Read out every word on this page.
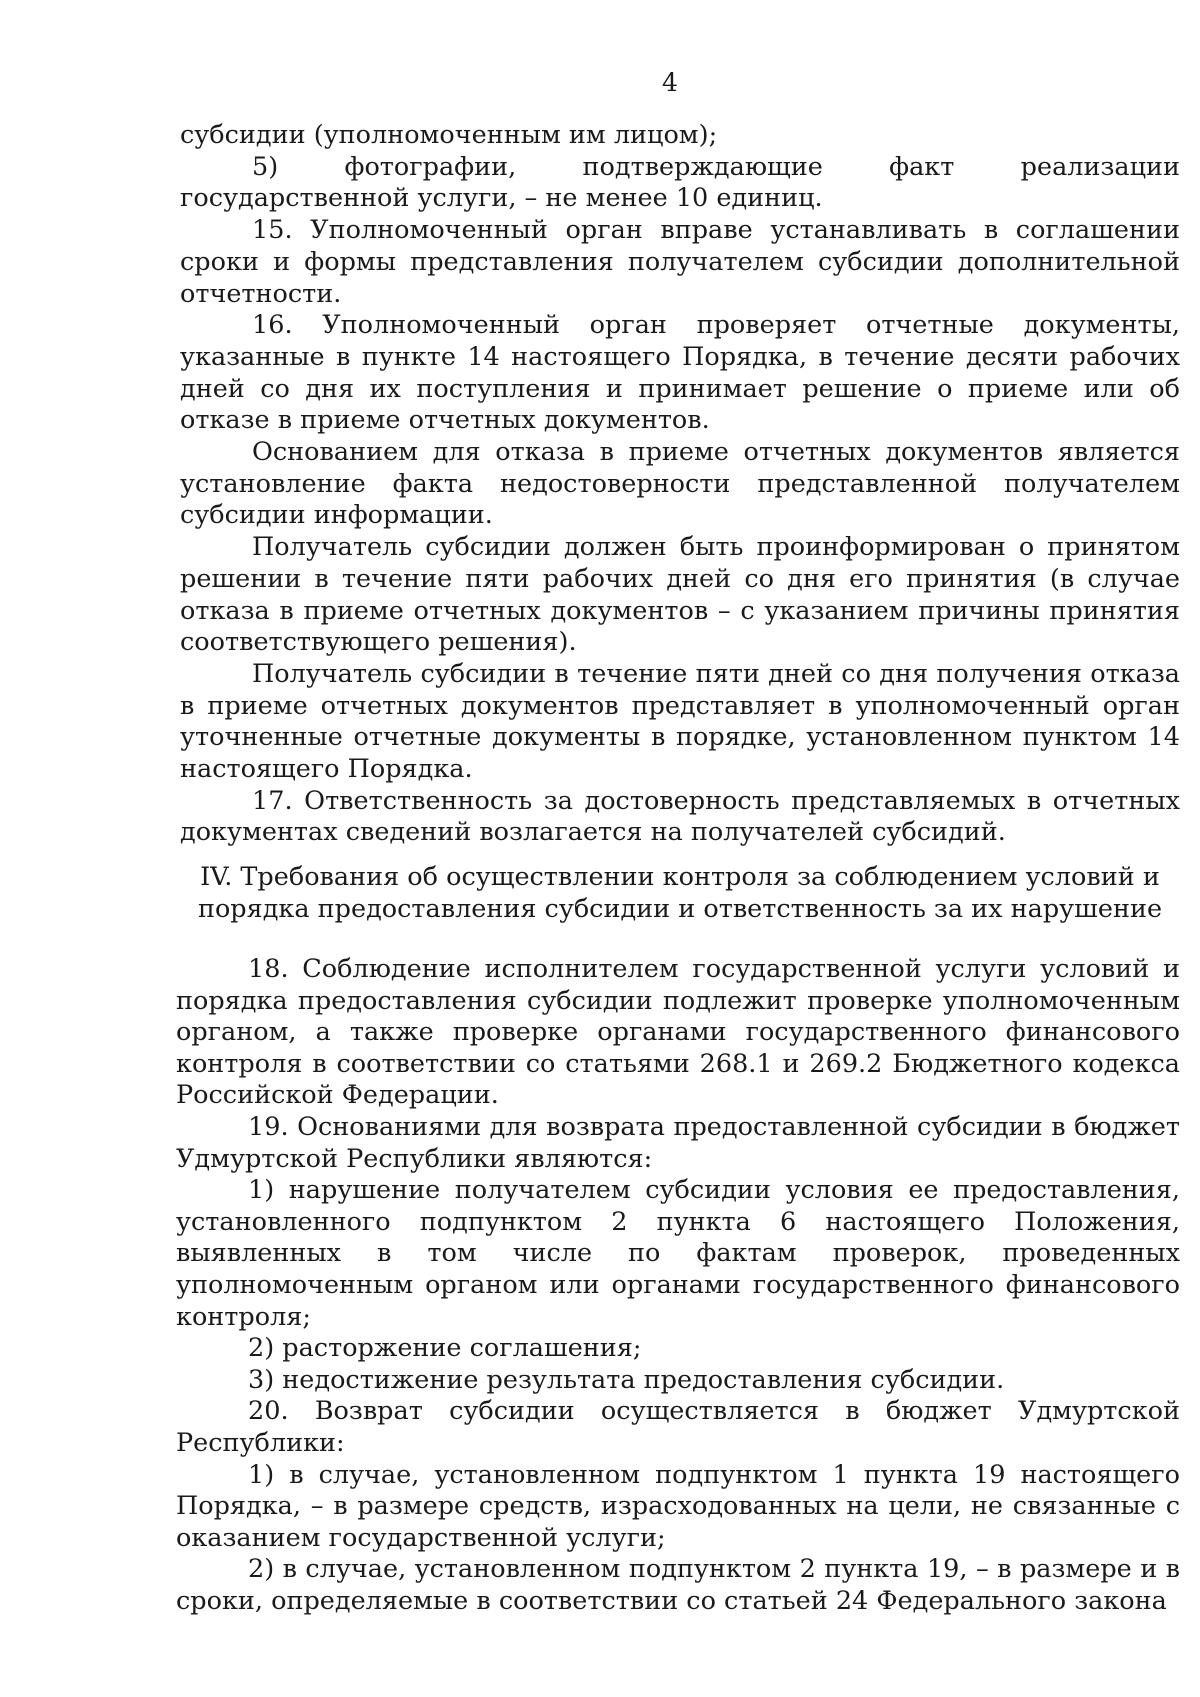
4

субсидии (уполномоченным им лицом);

5) фотографии, подтверждающие факт реализации государственной услуги, – не менее 10 единиц.

15. Уполномоченный орган вправе устанавливать в соглашении сроки и формы представления получателем субсидии дополнительной отчетности.

16. Уполномоченный орган проверяет отчетные документы, указанные в пункте 14 настоящего Порядка, в течение десяти рабочих дней со дня их поступления и принимает решение о приеме или об отказе в приеме отчетных документов.

Основанием для отказа в приеме отчетных документов является установление факта недостоверности представленной получателем субсидии информации.

Получатель субсидии должен быть проинформирован о принятом решении в течение пяти рабочих дней со дня его принятия (в случае отказа в приеме отчетных документов – с указанием причины принятия соответствующего решения).

Получатель субсидии в течение пяти дней со дня получения отказа в приеме отчетных документов представляет в уполномоченный орган уточненные отчетные документы в порядке, установленном пунктом 14 настоящего Порядка.

17. Ответственность за достоверность представляемых в отчетных документах сведений возлагается на получателей субсидий.

IV. Требования об осуществлении контроля за соблюдением условий и порядка предоставления субсидии и ответственность за их нарушение

18. Соблюдение исполнителем государственной услуги условий и порядка предоставления субсидии подлежит проверке уполномоченным органом, а также проверке органами государственного финансового контроля в соответствии со статьями 268.1 и 269.2 Бюджетного кодекса Российской Федерации.

19. Основаниями для возврата предоставленной субсидии в бюджет Удмуртской Республики являются:

1) нарушение получателем субсидии условия ее предоставления, установленного подпунктом 2 пункта 6 настоящего Положения, выявленных в том числе по фактам проверок, проведенных уполномоченным органом или органами государственного финансового контроля;

2) расторжение соглашения;

3) недостижение результата предоставления субсидии.

20. Возврат субсидии осуществляется в бюджет Удмуртской Республики:

1) в случае, установленном подпунктом 1 пункта 19 настоящего Порядка, – в размере средств, израсходованных на цели, не связанные с оказанием государственной услуги;

2) в случае, установленном подпунктом 2 пункта 19, – в размере и в сроки, определяемые в соответствии со статьей 24 Федерального закона
